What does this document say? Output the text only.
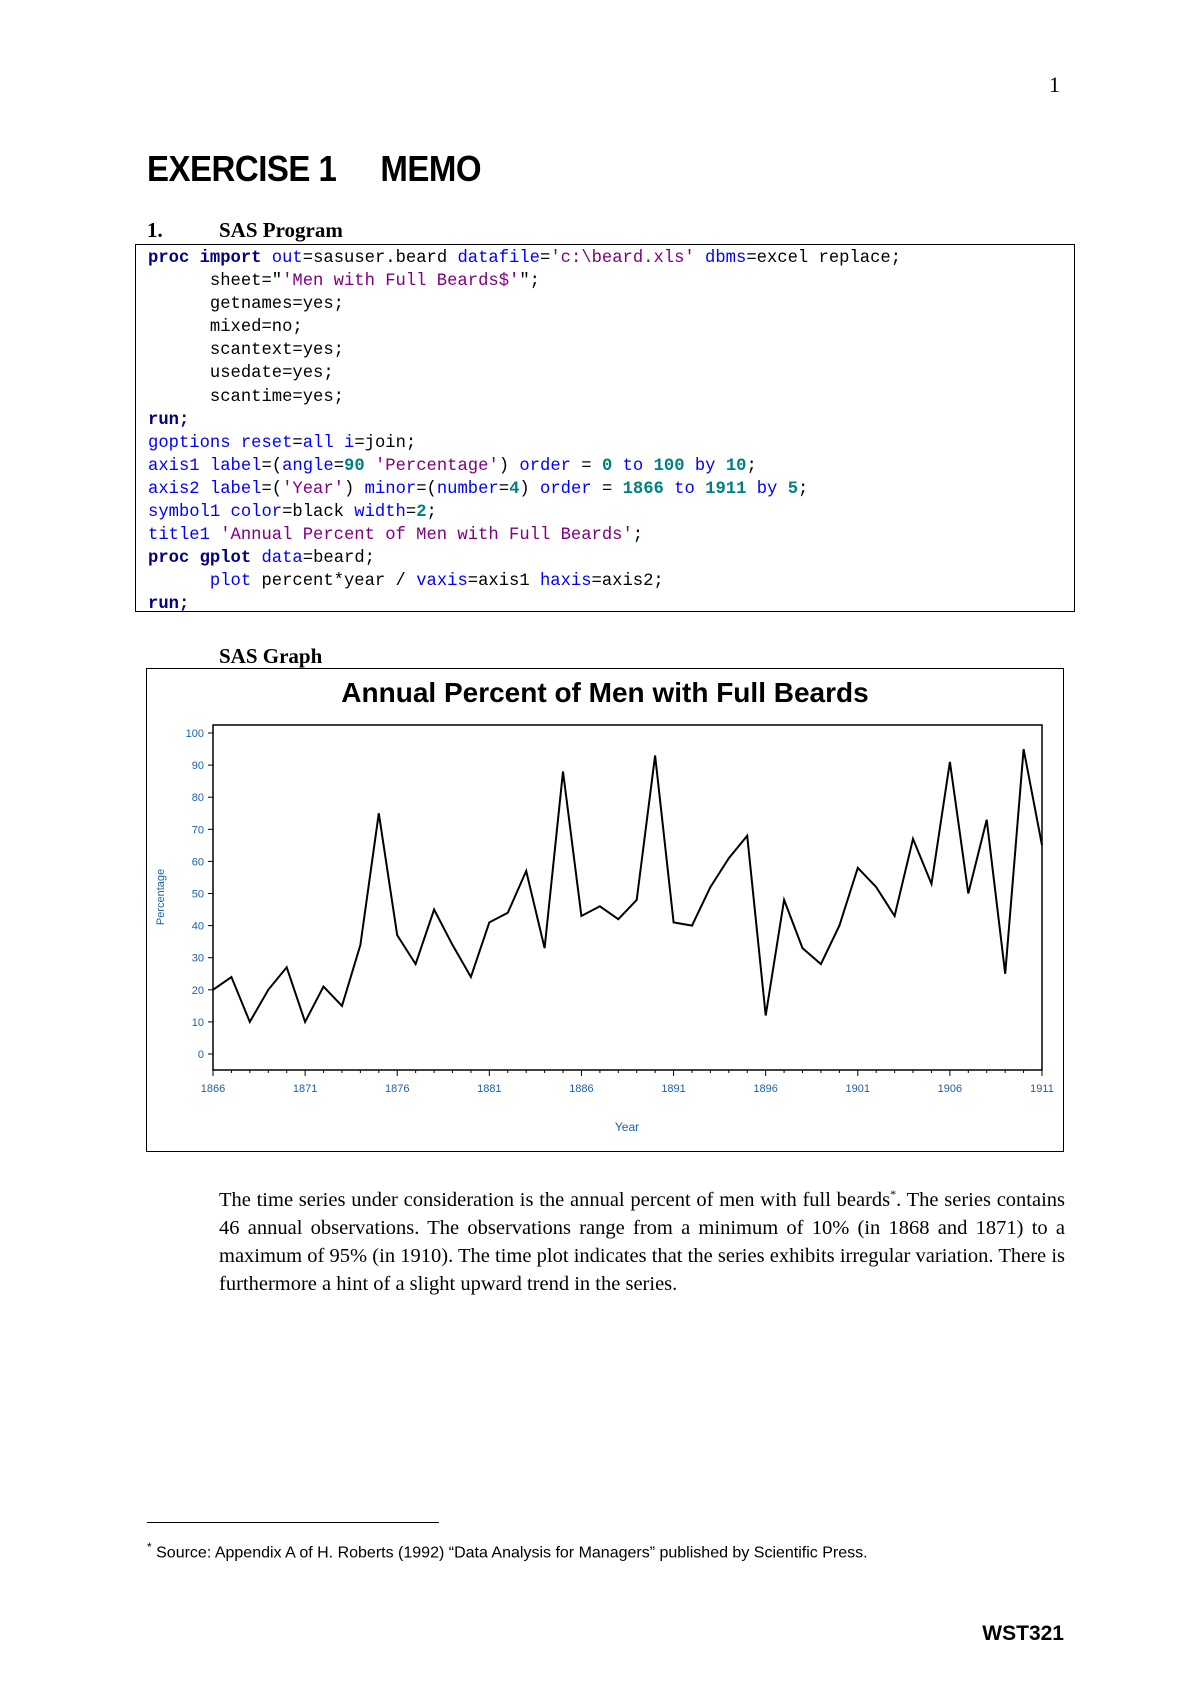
1
EXERCISE 1 MEMO
1.	SAS Program
proc import out=sasuser.beard datafile='c:\beard.xls' dbms=excel replace;
sheet="'Men with Full Beards$'";
getnames=yes;
mixed=no;
scantext=yes;
usedate=yes;
scantime=yes;
run;
goptions reset=all i=join;
axis1 label=(angle=90 'Percentage') order = 0 to 100 by 10;
axis2 label=('Year') minor=(number=4) order = 1866 to 1911 by 5;
symbol1 color=black width=2;
title1 'Annual Percent of Men with Full Beards';
proc gplot data=beard;
plot percent*year / vaxis=axis1 haxis=axis2;
run;
SAS Graph
Annual Percent of Men with Full Beards
0
10
20
30
40
50
60
70
80
90
100
1866	1871	1876	1881	1886	1891	1896	1901	1906	1911
Percentage
Year
The time series under consideration is the annual percent of men with full beards*. The series contains 46 annual observations. The observations range from a minimum of 10% (in 1868 and 1871) to a maximum of 95% (in 1910). The time plot indicates that the series exhibits irregular variation. There is furthermore a hint of a slight upward trend in the series.
* Source: Appendix A of H. Roberts (1992) “Data Analysis for Managers” published by Scientific Press.
WST321
